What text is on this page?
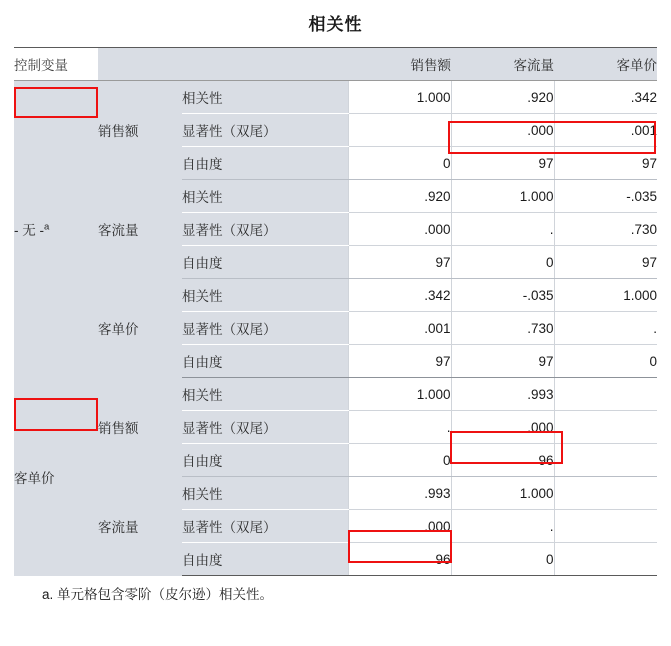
相关性
控制变量			销售额	客流量	客单价
- 无 -$^a$	销售额	相关性	1.000	.920	.342
		显著性（双尾）	.	.000	.001
		自由度	0	97	97
	客流量	相关性	.920	1.000	-.035
		显著性（双尾）	.000	.	.730
		自由度	97	0	97
	客单价	相关性	.342	-.035	1.000
		显著性（双尾）	.001	.730	.
		自由度	97	97	0
客单价	销售额	相关性	1.000	.993	
		显著性（双尾）	.	.000	
		自由度	0	96	
	客流量	相关性	.993	1.000	
		显著性（双尾）	.000	.	
		自由度	96	0	
a. 单元格包含零阶（皮尔逊）相关性。
